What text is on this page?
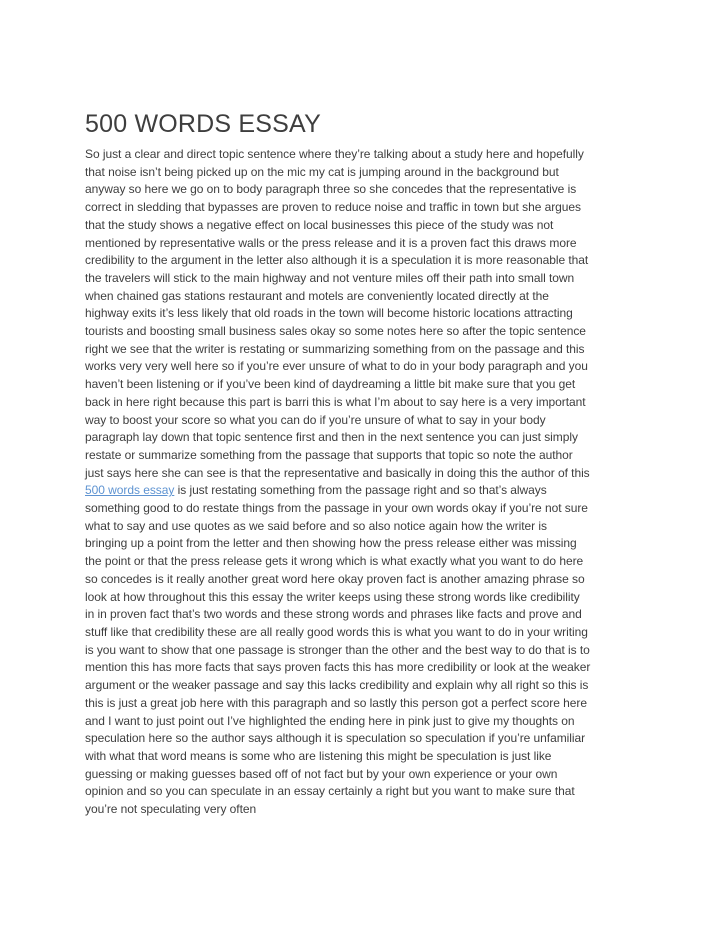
500 WORDS ESSAY
So just a clear and direct topic sentence where they’re talking about a study here and hopefully
that noise isn’t being picked up on the mic my cat is jumping around in the background but
anyway so here we go on to body paragraph three so she concedes that the representative is
correct in sledding that bypasses are proven to reduce noise and traffic in town but she argues
that the study shows a negative effect on local businesses this piece of the study was not
mentioned by representative walls or the press release and it is a proven fact this draws more
credibility to the argument in the letter also although it is a speculation it is more reasonable that
the travelers will stick to the main highway and not venture miles off their path into small town
when chained gas stations restaurant and motels are conveniently located directly at the
highway exits it’s less likely that old roads in the town will become historic locations attracting
tourists and boosting small business sales okay so some notes here so after the topic sentence
right we see that the writer is restating or summarizing something from on the passage and this
works very very well here so if you’re ever unsure of what to do in your body paragraph and you
haven’t been listening or if you’ve been kind of daydreaming a little bit make sure that you get
back in here right because this part is barri this is what I’m about to say here is a very important
way to boost your score so what you can do if you’re unsure of what to say in your body
paragraph lay down that topic sentence first and then in the next sentence you can just simply
restate or summarize something from the passage that supports that topic so note the author
just says here she can see is that the representative and basically in doing this the author of this
500 words essay is just restating something from the passage right and so that’s always
something good to do restate things from the passage in your own words okay if you’re not sure
what to say and use quotes as we said before and so also notice again how the writer is
bringing up a point from the letter and then showing how the press release either was missing
the point or that the press release gets it wrong which is what exactly what you want to do here
so concedes is it really another great word here okay proven fact is another amazing phrase so
look at how throughout this this essay the writer keeps using these strong words like credibility
in in proven fact that’s two words and these strong words and phrases like facts and prove and
stuff like that credibility these are all really good words this is what you want to do in your writing
is you want to show that one passage is stronger than the other and the best way to do that is to
mention this has more facts that says proven facts this has more credibility or look at the weaker
argument or the weaker passage and say this lacks credibility and explain why all right so this is
this is just a great job here with this paragraph and so lastly this person got a perfect score here
and I want to just point out I’ve highlighted the ending here in pink just to give my thoughts on
speculation here so the author says although it is speculation so speculation if you’re unfamiliar
with what that word means is some who are listening this might be speculation is just like
guessing or making guesses based off of not fact but by your own experience or your own
opinion and so you can speculate in an essay certainly a right but you want to make sure that
you’re not speculating very often
